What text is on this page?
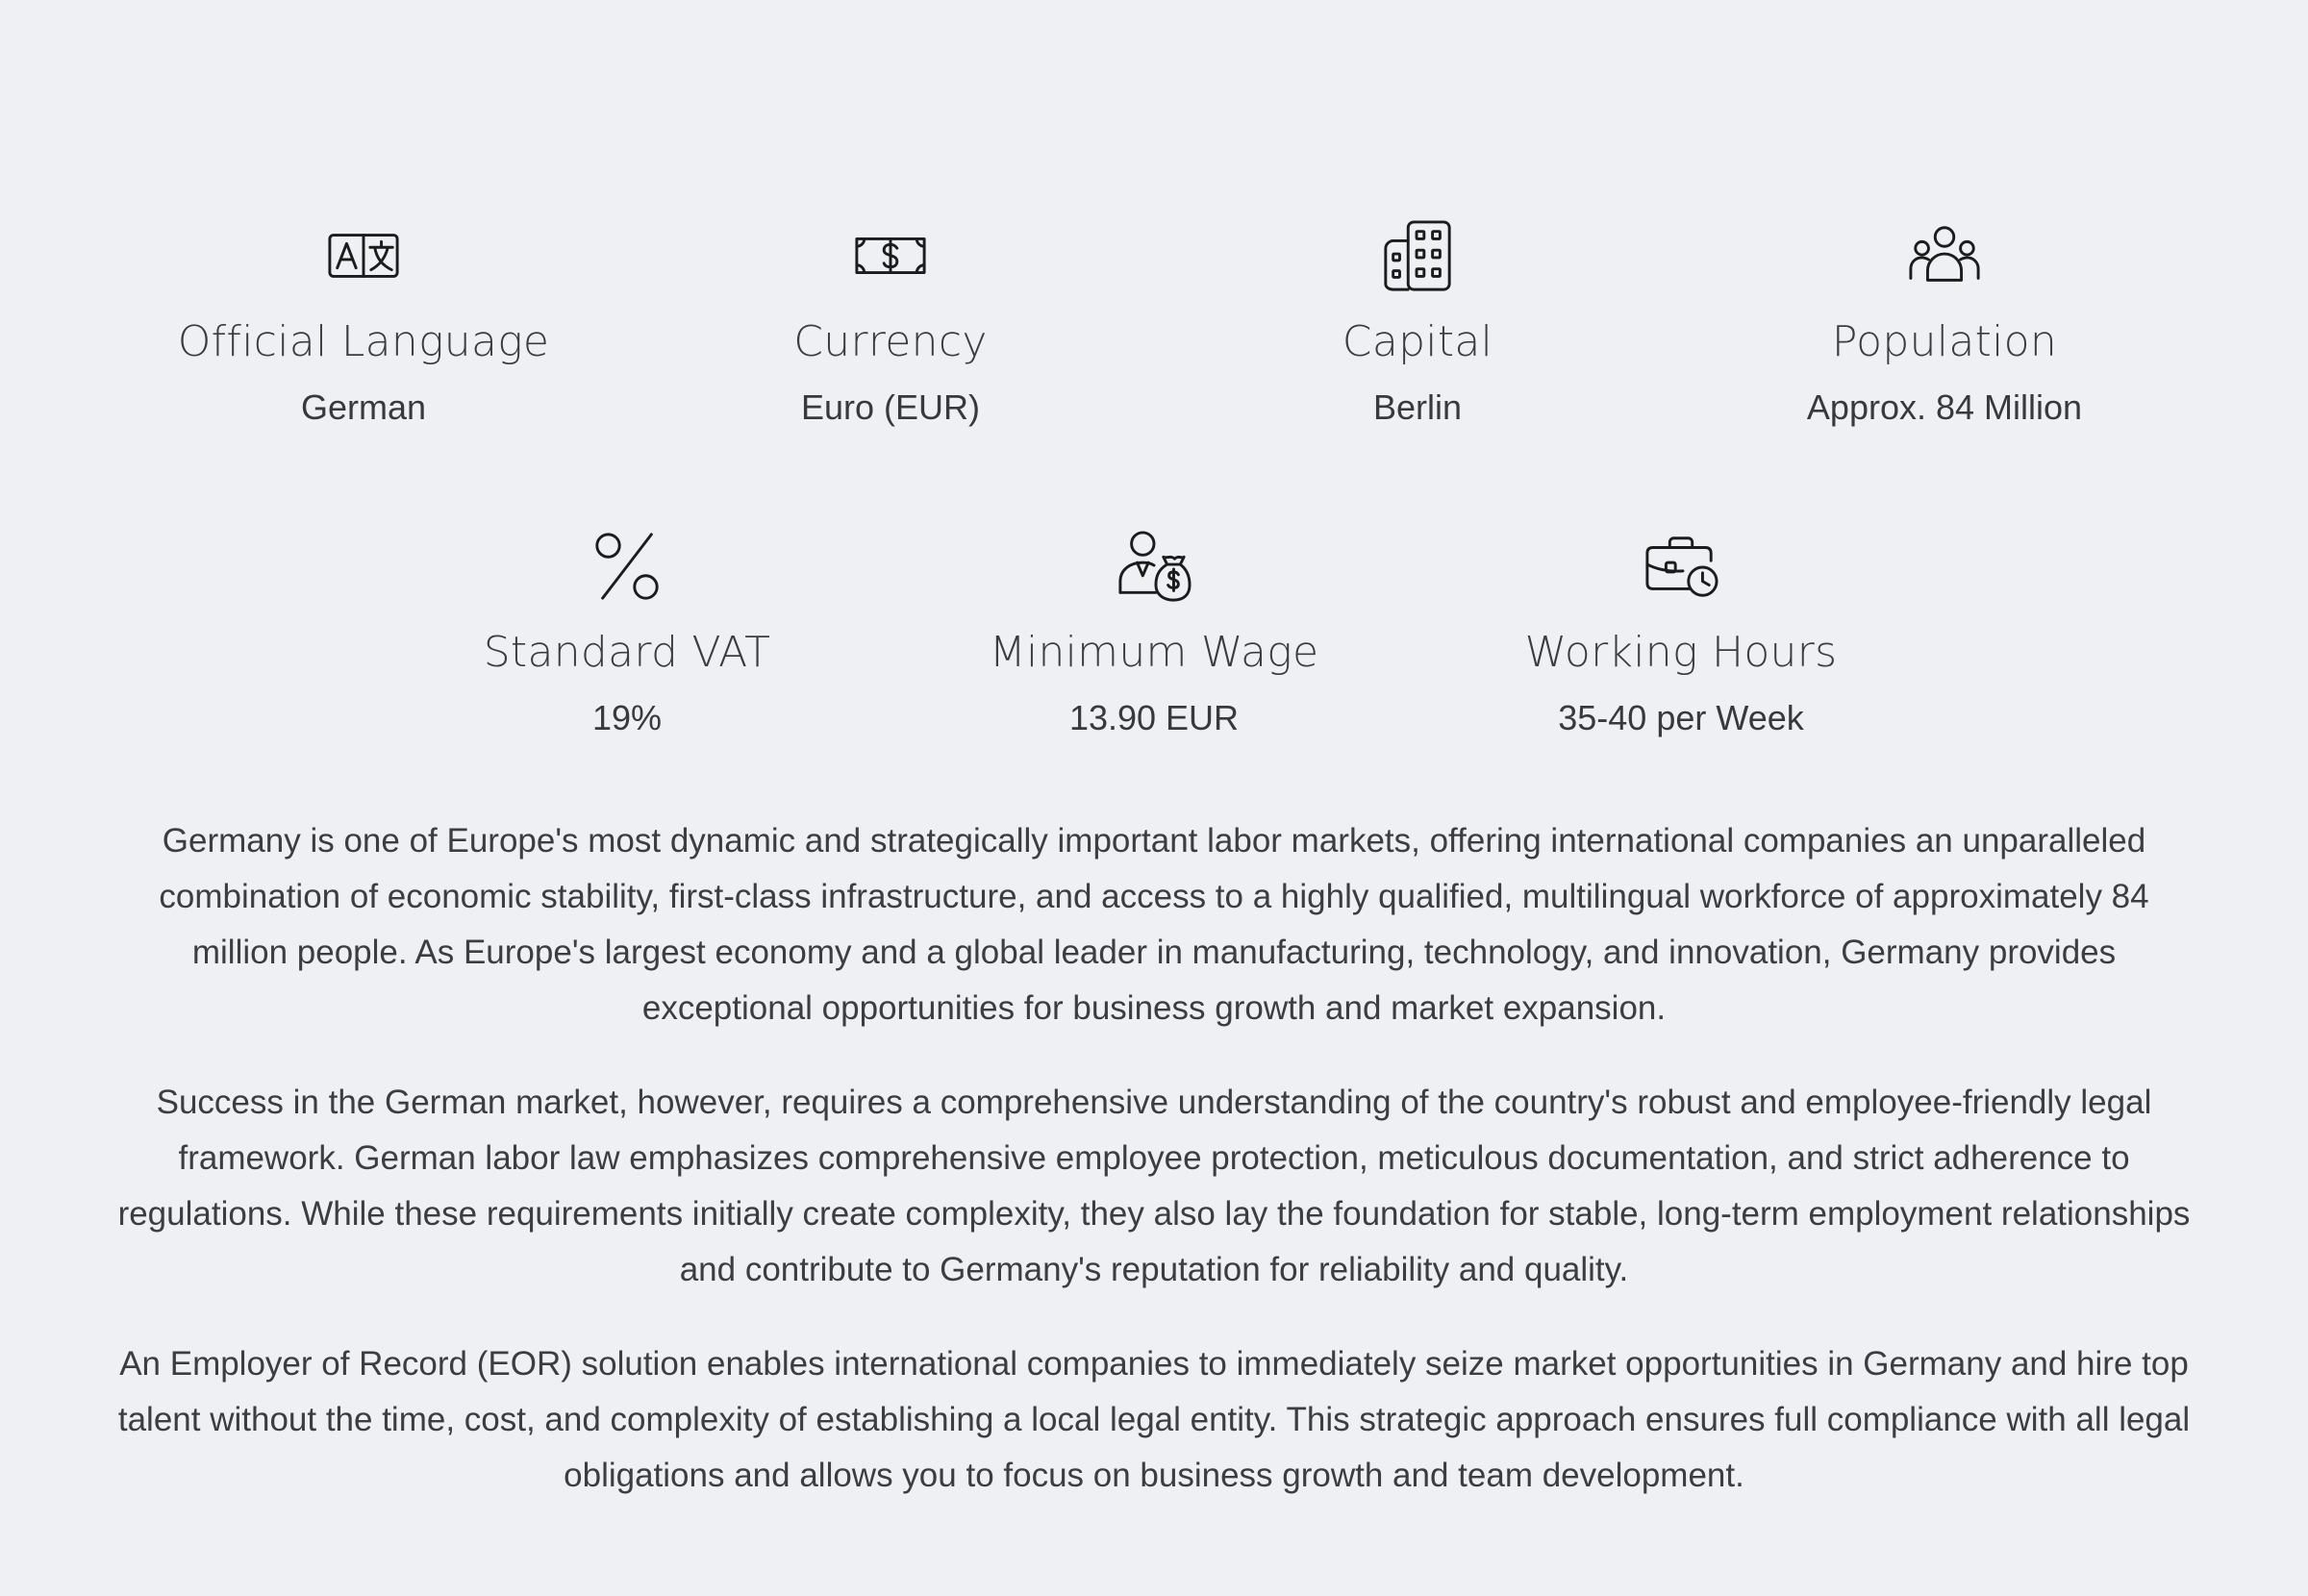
Official Language
German
Currency
Euro (EUR)
Capital
Berlin
Population
Approx. 84 Million
Standard VAT
19%
Minimum Wage
13.90 EUR
Working Hours
35-40 per Week

Germany is one of Europe's most dynamic and strategically important labor markets, offering international companies an unparalleled combination of economic stability, first-class infrastructure, and access to a highly qualified, multilingual workforce of approximately 84 million people. As Europe's largest economy and a global leader in manufacturing, technology, and innovation, Germany provides exceptional opportunities for business growth and market expansion.

Success in the German market, however, requires a comprehensive understanding of the country's robust and employee-friendly legal framework. German labor law emphasizes comprehensive employee protection, meticulous documentation, and strict adherence to regulations. While these requirements initially create complexity, they also lay the foundation for stable, long-term employment relationships and contribute to Germany's reputation for reliability and quality.

An Employer of Record (EOR) solution enables international companies to immediately seize market opportunities in Germany and hire top talent without the time, cost, and complexity of establishing a local legal entity. This strategic approach ensures full compliance with all legal obligations and allows you to focus on business growth and team development.
